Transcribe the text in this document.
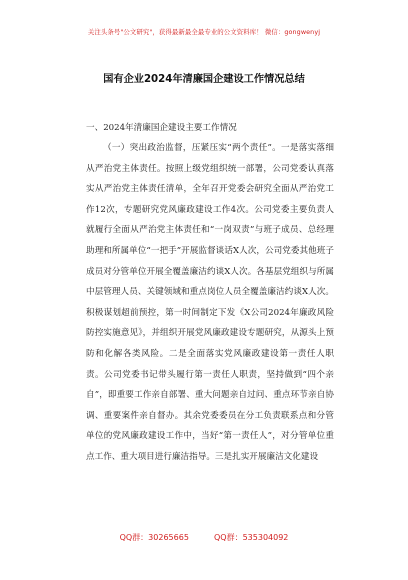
关注头条号"公文研究"，获得最新最全最专业的公文资料库！ 微信：gongwenyj
国有企业2024年清廉国企建设工作情况总结
一、2024年清廉国企建设主要工作情况

（一）突出政治监督，压紧压实“两个责任”。一是落实落细从严治党主体责任。按照上级党组织统一部署，公司党委认真落实从严治党主体责任清单，全年召开党委会研究全面从严治党工作12次，专题研究党风廉政建设工作4次。公司党委主要负责人就履行全面从严治党主体责任和“一岗双责”与班子成员、总经理助理和所属单位“一把手”开展监督谈话X人次，公司党委其他班子成员对分管单位开展全覆盖廉洁约谈X人次。各基层党组织与所属中层管理人员、关键领域和重点岗位人员全覆盖廉洁约谈X人次。积极谋划超前预控，第一时间制定下发《X公司2024年廉政风险防控实施意见》，并组织开展党风廉政建设专题研究，从源头上预防和化解各类风险。二是全面落实党风廉政建设第一责任人职责。公司党委书记带头履行第一责任人职责，坚持做到“四个亲自”，即重要工作亲自部署、重大问题亲自过问、重点环节亲自协调、重要案件亲自督办。其余党委委员在分工负责联系点和分管单位的党风廉政建设工作中，当好“第一责任人”，对分管单位重点工作、重大项目进行廉洁指导。三是扎实开展廉洁文化建设

QQ群：30265665	QQ群：535304092
